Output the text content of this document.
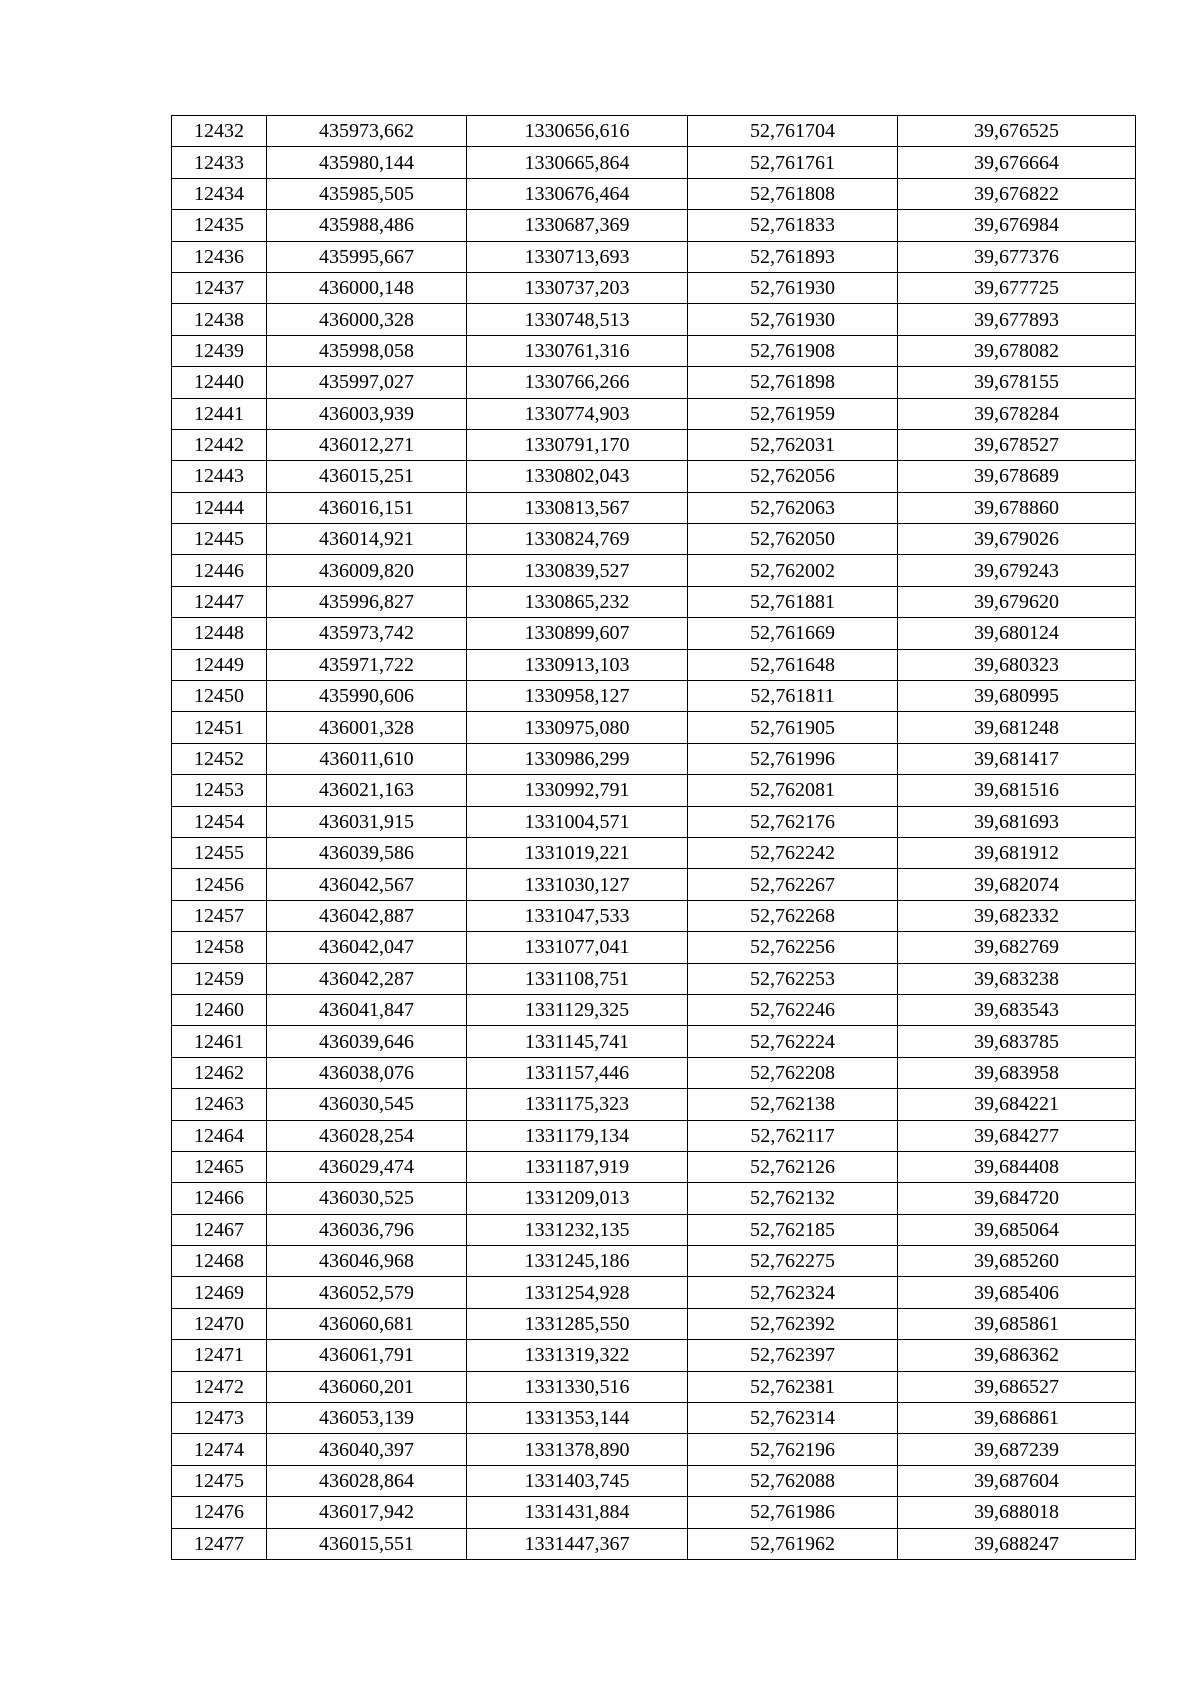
12432	435973,662	1330656,616	52,761704	39,676525
12433	435980,144	1330665,864	52,761761	39,676664
12434	435985,505	1330676,464	52,761808	39,676822
12435	435988,486	1330687,369	52,761833	39,676984
12436	435995,667	1330713,693	52,761893	39,677376
12437	436000,148	1330737,203	52,761930	39,677725
12438	436000,328	1330748,513	52,761930	39,677893
12439	435998,058	1330761,316	52,761908	39,678082
12440	435997,027	1330766,266	52,761898	39,678155
12441	436003,939	1330774,903	52,761959	39,678284
12442	436012,271	1330791,170	52,762031	39,678527
12443	436015,251	1330802,043	52,762056	39,678689
12444	436016,151	1330813,567	52,762063	39,678860
12445	436014,921	1330824,769	52,762050	39,679026
12446	436009,820	1330839,527	52,762002	39,679243
12447	435996,827	1330865,232	52,761881	39,679620
12448	435973,742	1330899,607	52,761669	39,680124
12449	435971,722	1330913,103	52,761648	39,680323
12450	435990,606	1330958,127	52,761811	39,680995
12451	436001,328	1330975,080	52,761905	39,681248
12452	436011,610	1330986,299	52,761996	39,681417
12453	436021,163	1330992,791	52,762081	39,681516
12454	436031,915	1331004,571	52,762176	39,681693
12455	436039,586	1331019,221	52,762242	39,681912
12456	436042,567	1331030,127	52,762267	39,682074
12457	436042,887	1331047,533	52,762268	39,682332
12458	436042,047	1331077,041	52,762256	39,682769
12459	436042,287	1331108,751	52,762253	39,683238
12460	436041,847	1331129,325	52,762246	39,683543
12461	436039,646	1331145,741	52,762224	39,683785
12462	436038,076	1331157,446	52,762208	39,683958
12463	436030,545	1331175,323	52,762138	39,684221
12464	436028,254	1331179,134	52,762117	39,684277
12465	436029,474	1331187,919	52,762126	39,684408
12466	436030,525	1331209,013	52,762132	39,684720
12467	436036,796	1331232,135	52,762185	39,685064
12468	436046,968	1331245,186	52,762275	39,685260
12469	436052,579	1331254,928	52,762324	39,685406
12470	436060,681	1331285,550	52,762392	39,685861
12471	436061,791	1331319,322	52,762397	39,686362
12472	436060,201	1331330,516	52,762381	39,686527
12473	436053,139	1331353,144	52,762314	39,686861
12474	436040,397	1331378,890	52,762196	39,687239
12475	436028,864	1331403,745	52,762088	39,687604
12476	436017,942	1331431,884	52,761986	39,688018
12477	436015,551	1331447,367	52,761962	39,688247
